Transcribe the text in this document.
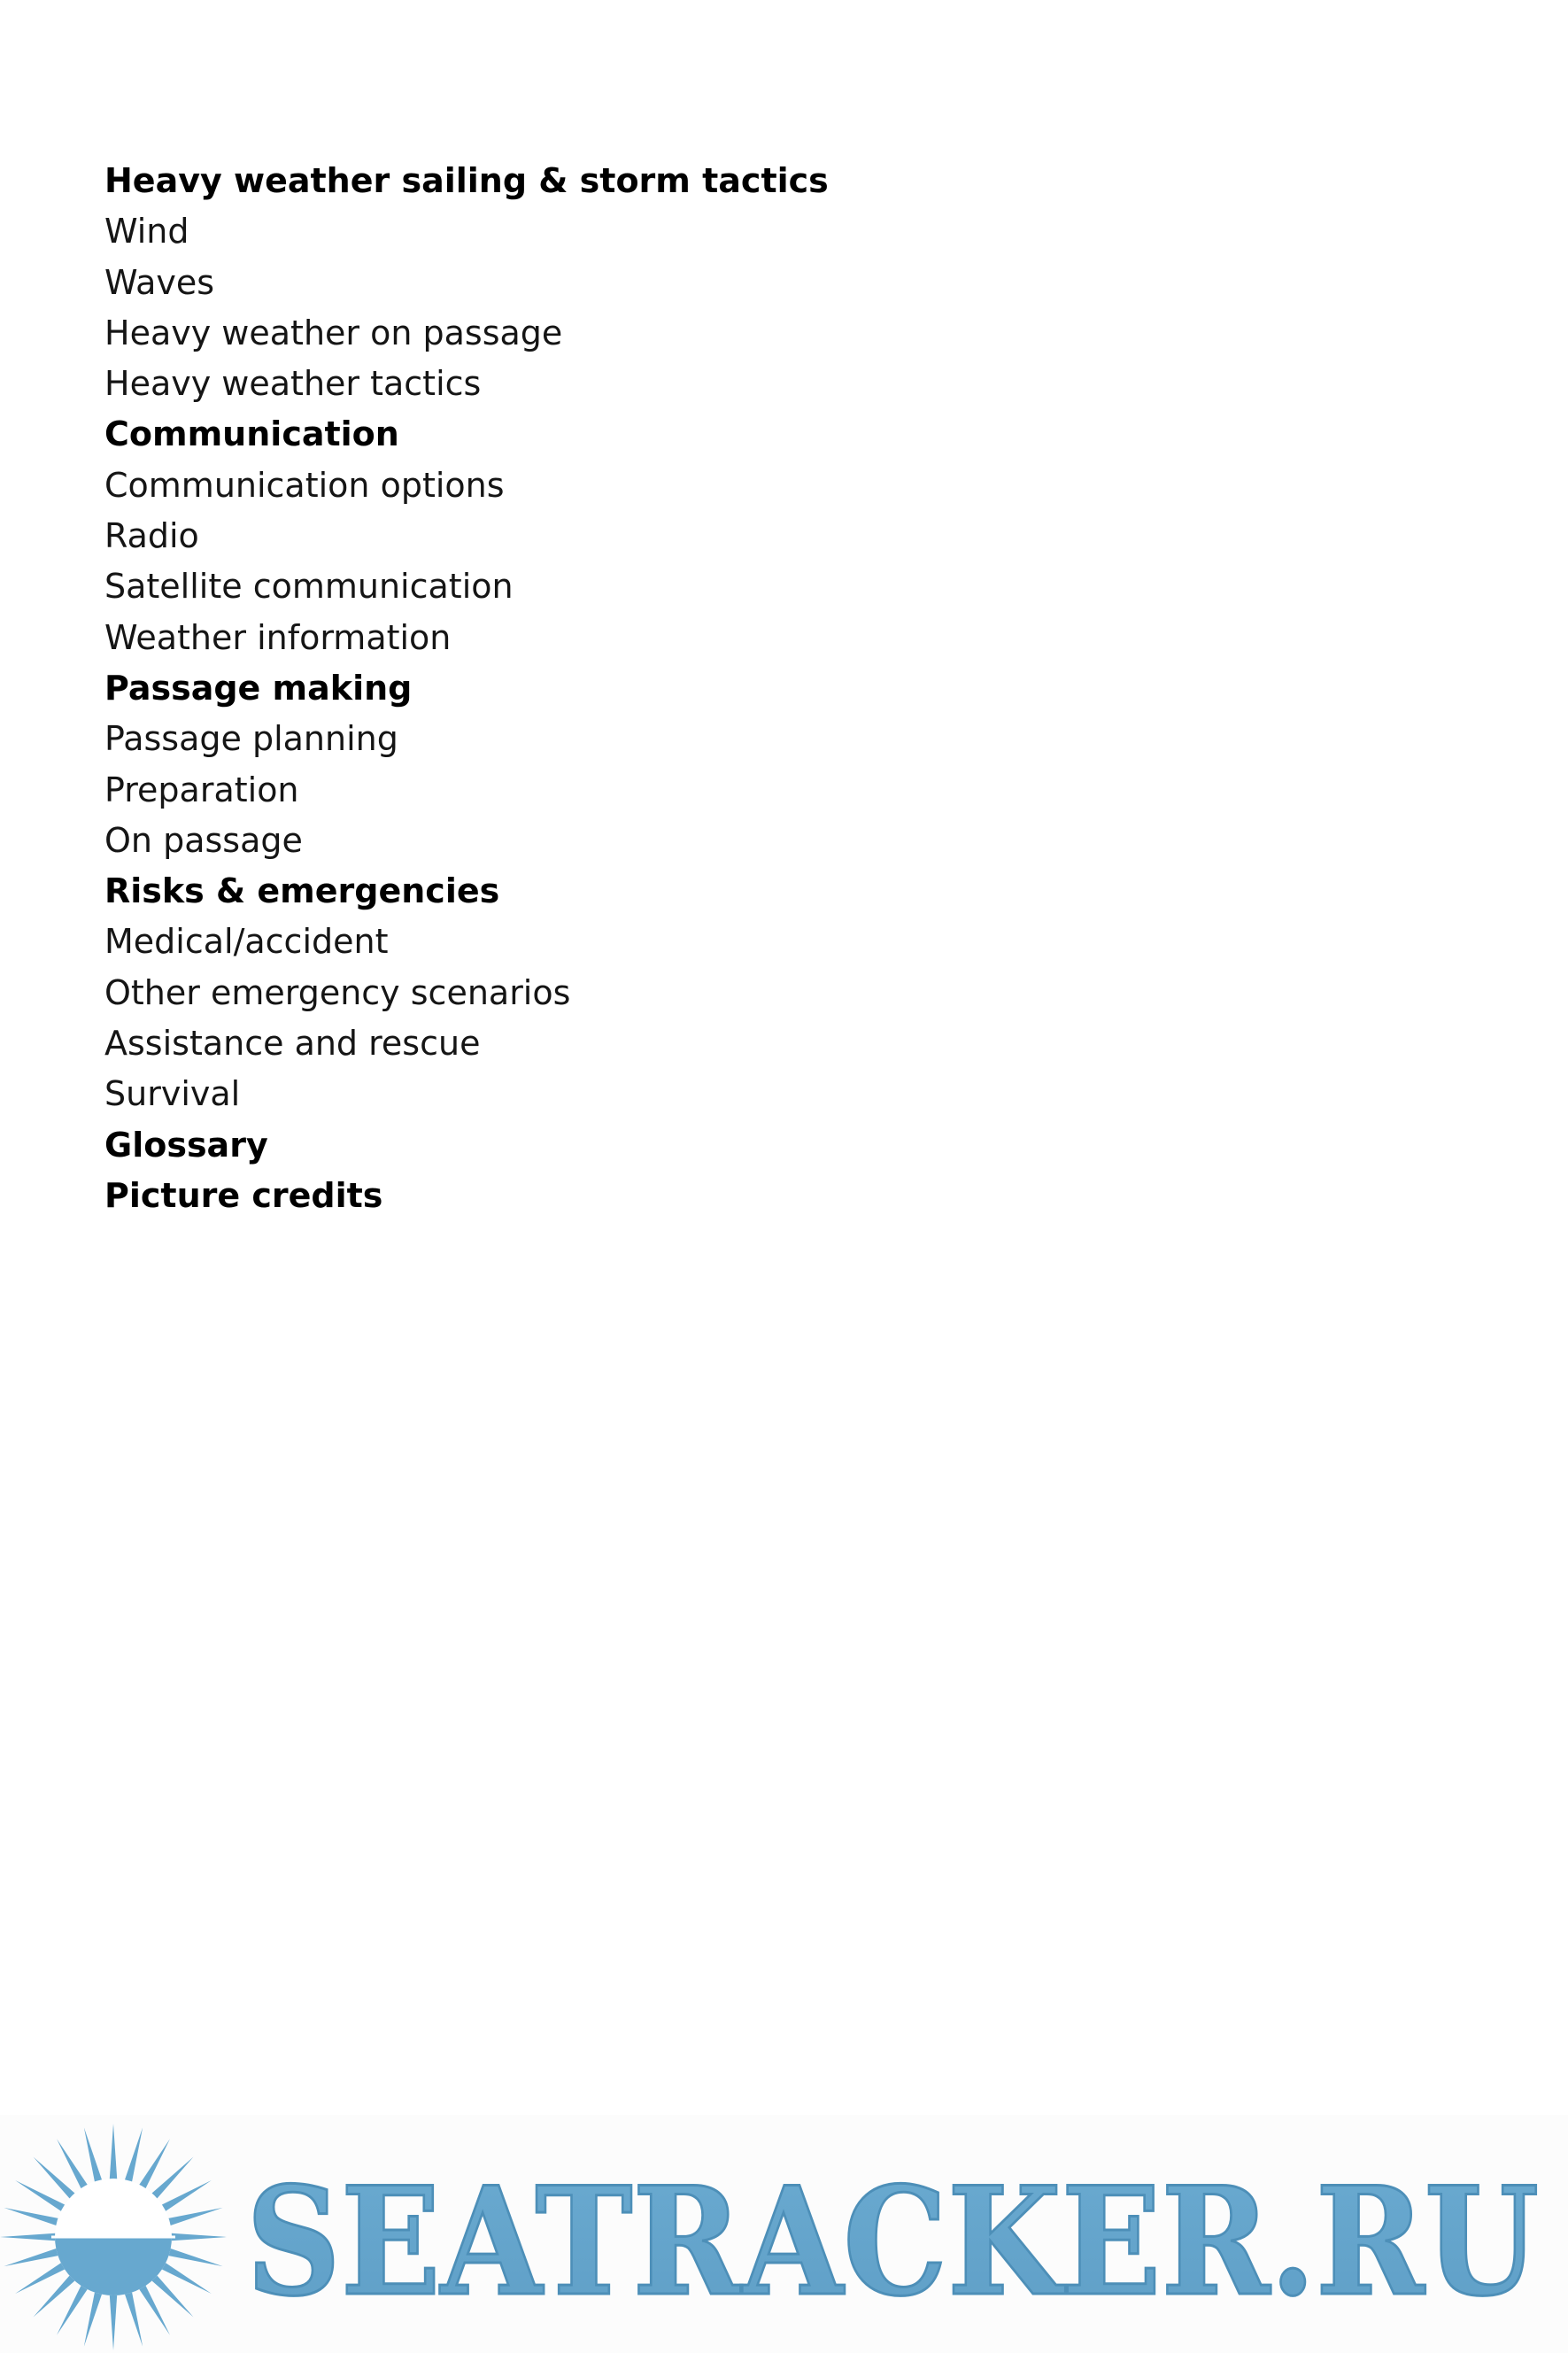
Heavy weather sailing & storm tactics
Wind
Waves
Heavy weather on passage
Heavy weather tactics
Communication
Communication options
Radio
Satellite communication
Weather information
Passage making
Passage planning
Preparation
On passage
Risks & emergencies
Medical/accident
Other emergency scenarios
Assistance and rescue
Survival
Glossary
Picture credits
SEATRACKER.RU
